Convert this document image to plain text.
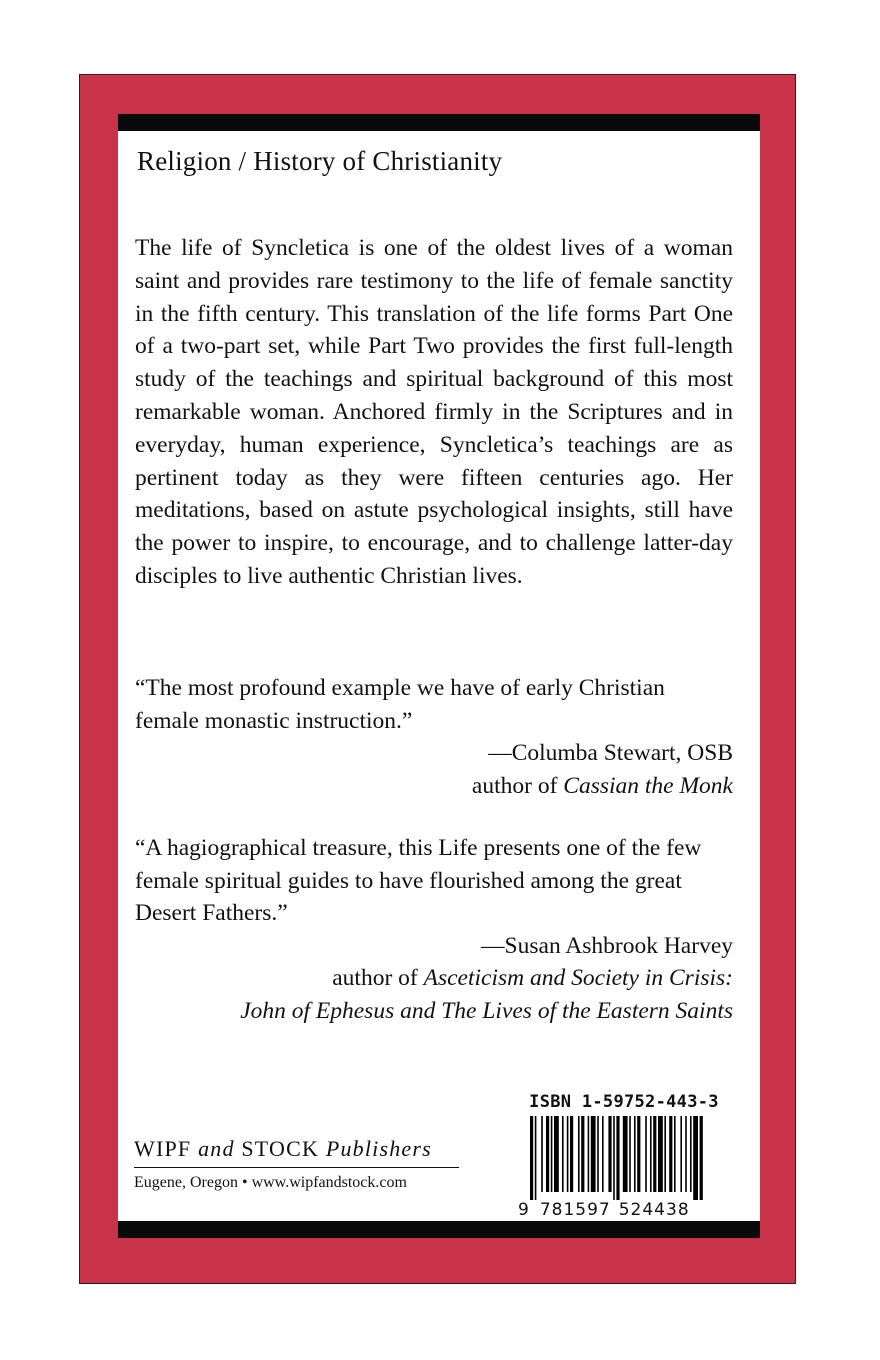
Religion / History of Christianity

The life of Syncletica is one of the oldest lives of a woman saint and provides rare testimony to the life of female sanctity in the fifth century. This translation of the life forms Part One of a two-part set, while Part Two provides the first full-length study of the teachings and spiritual background of this most remarkable woman. Anchored firmly in the Scriptures and in everyday, human experience, Syncletica’s teachings are as pertinent today as they were fifteen centuries ago. Her meditations, based on astute psychological insights, still have the power to inspire, to encourage, and to challenge latter-day disciples to live authentic Christian lives.

“The most profound example we have of early Christian female monastic instruction.”
—Columba Stewart, OSB
author of Cassian the Monk
“A hagiographical treasure, this Life presents one of the few female spiritual guides to have flourished among the great Desert Fathers.”
—Susan Ashbrook Harvey
author of Asceticism and Society in Crisis:
John of Ephesus and The Lives of the Eastern Saints
WIPF and STOCK Publishers
Eugene, Oregon • www.wipfandstock.com
ISBN 1-59752-443-3
9 781597 524438
